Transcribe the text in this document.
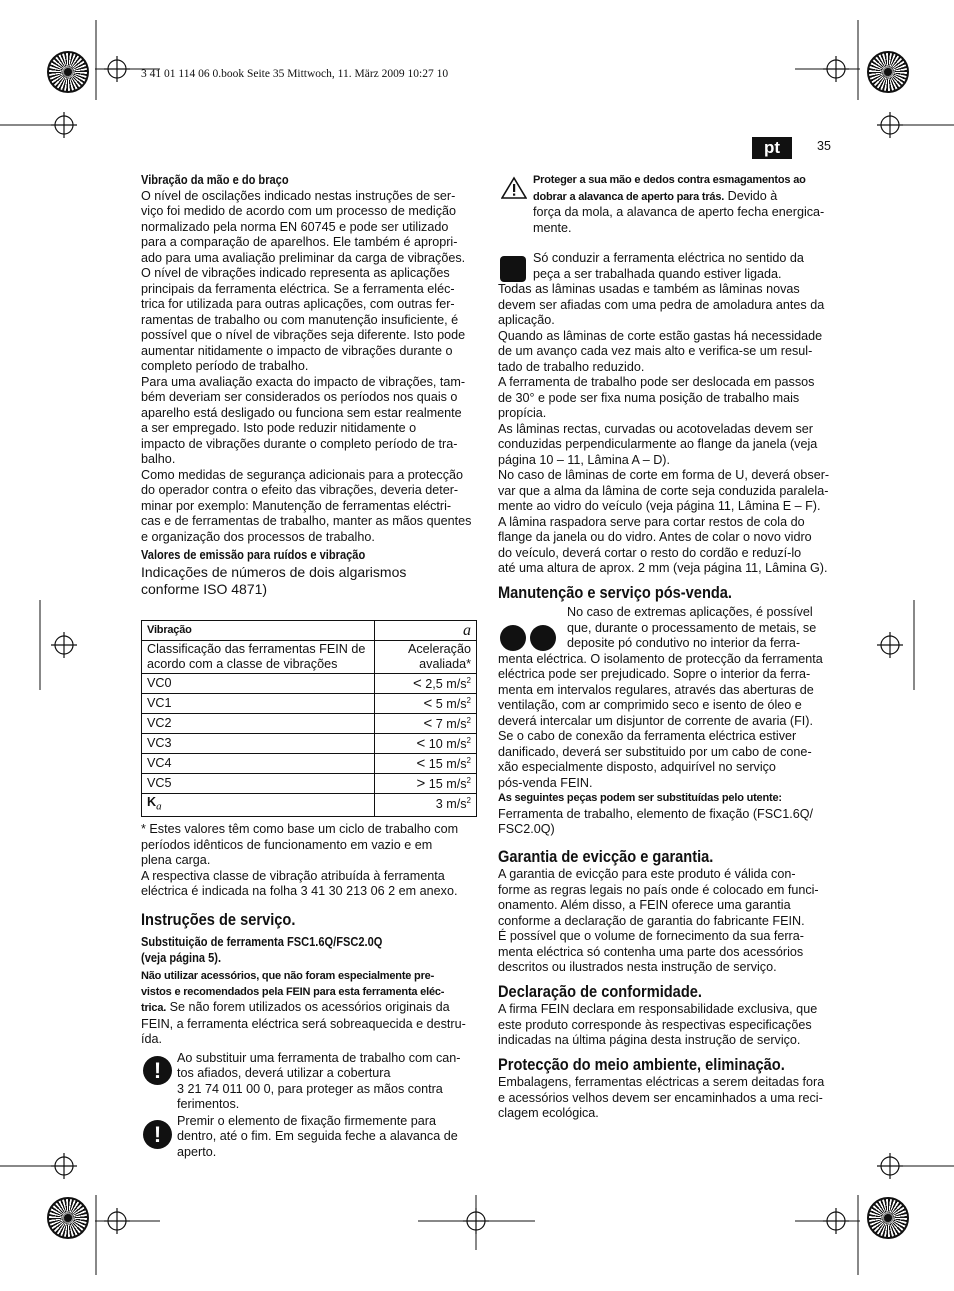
3 41 01 114 06 0.book Seite 35 Mittwoch, 11. März 2009 10:27 10
pt	35

Vibração da mão e do braço

O nível de oscilações indicado nestas instruções de ser-
viço foi medido de acordo com um processo de medição
normalizado pela norma EN 60745 e pode ser utilizado
para a comparação de aparelhos. Ele também é apropri-
ado para uma avaliação preliminar da carga de vibrações.
O nível de vibrações indicado representa as aplicações
principais da ferramenta eléctrica. Se a ferramenta eléc-
trica for utilizada para outras aplicações, com outras fer-
ramentas de trabalho ou com manutenção insuficiente, é
possível que o nível de vibrações seja diferente. Isto pode
aumentar nitidamente o impacto de vibrações durante o
completo período de trabalho.
Para uma avaliação exacta do impacto de vibrações, tam-
bém deveriam ser considerados os períodos nos quais o
aparelho está desligado ou funciona sem estar realmente
a ser empregado. Isto pode reduzir nitidamente o
impacto de vibrações durante o completo período de tra-
balho.
Como medidas de segurança adicionais para a protecção
do operador contra o efeito das vibrações, deveria deter-
minar por exemplo: Manutenção de ferramentas eléctri-
cas e de ferramentas de trabalho, manter as mãos quentes
e organização dos processos de trabalho.

Valores de emissão para ruídos e vibração

Indicações de números de dois algarismos
conforme ISO 4871)
Vibração	a
Classificação das ferramentas FEIN de
acordo com a classe de vibrações	Aceleração
avaliada*
VC0	< 2,5 $m/s^2$
VC1	< 5 $m/s^2$
VC2	< 7 $m/s^2$
VC3	< 10 $m/s^2$
VC4	< 15 $m/s^2$
VC5	> 15 $m/s^2$
$K_a$	3 $m/s^2$
* Estes valores têm como base um ciclo de trabalho com
períodos idênticos de funcionamento em vazio e em
plena carga.
A respectiva classe de vibração atribuída à ferramenta
eléctrica é indicada na folha 3 41 30 213 06 2 em anexo.

Instruções de serviço.

Substituição de ferramenta FSC1.6Q/FSC2.0Q
(veja página 5).

Não utilizar acessórios, que não foram especialmente pre-
vistos e recomendados pela FEIN para esta ferramenta eléc-
trica. Se não forem utilizados os acessórios originais da
FEIN, a ferramenta eléctrica será sobreaquecida e destru-
ída.
Ao substituir uma ferramenta de trabalho com can-
tos afiados, deverá utilizar a cobertura
3 21 74 011 00 0, para proteger as mãos contra
ferimentos.
Premir o elemento de fixação firmemente para
dentro, até o fim. Em seguida feche a alavanca de
aperto.
!
!
Proteger a sua mão e dedos contra esmagamentos ao
dobrar a alavanca de aperto para trás. Devido à
força da mola, a alavanca de aperto fecha energica-
mente.
Só conduzir a ferramenta eléctrica no sentido da
peça a ser trabalhada quando estiver ligada.
Todas as lâminas usadas e também as lâminas novas
devem ser afiadas com uma pedra de amoladura antes da
aplicação.
Quando as lâminas de corte estão gastas há necessidade
de um avanço cada vez mais alto e verifica-se um resul-
tado de trabalho reduzido.
A ferramenta de trabalho pode ser deslocada em passos
de 30° e pode ser fixa numa posição de trabalho mais
propícia.
As lâminas rectas, curvadas ou acotoveladas devem ser
conduzidas perpendicularmente ao flange da janela (veja
página 10 – 11, Lâmina A – D).
No caso de lâminas de corte em forma de U, deverá obser-
var que a alma da lâmina de corte seja conduzida paralela-
mente ao vidro do veículo (veja página 11, Lâmina E – F).
A lâmina raspadora serve para cortar restos de cola do
flange da janela ou do vidro. Antes de colar o novo vidro
do veículo, deverá cortar o resto do cordão e reduzí-lo
até uma altura de aprox. 2 mm (veja página 11, Lâmina G).

Manutenção e serviço pós-venda.

No caso de extremas aplicações, é possível
que, durante o processamento de metais, se
deposite pó condutivo no interior da ferra-
menta eléctrica. O isolamento de protecção da ferramenta
eléctrica pode ser prejudicado. Sopre o interior da ferra-
menta em intervalos regulares, através das aberturas de
ventilação, com ar comprimido seco e isento de óleo e
deverá intercalar um disjuntor de corrente de avaria (FI).
Se o cabo de conexão da ferramenta eléctrica estiver
danificado, deverá ser substituido por um cabo de cone-
xão especialmente disposto, adquirível no serviço
pós-venda FEIN.
As seguintes peças podem ser substituídas pelo utente:
Ferramenta de trabalho, elemento de fixação (FSC1.6Q/
FSC2.0Q)

Garantia de evicção e garantia.

A garantia de evicção para este produto é válida con-
forme as regras legais no país onde é colocado em funci-
onamento. Além disso, a FEIN oferece uma garantia
conforme a declaração de garantia do fabricante FEIN.
É possível que o volume de fornecimento da sua ferra-
menta eléctrica só contenha uma parte dos acessórios
descritos ou ilustrados nesta instrução de serviço.

Declaração de conformidade.

A firma FEIN declara em responsabilidade exclusiva, que
este produto corresponde às respectivas especificações
indicadas na última página desta instrução de serviço.

Protecção do meio ambiente, eliminação.

Embalagens, ferramentas eléctricas a serem deitadas fora
e acessórios velhos devem ser encaminhados a uma reci-
clagem ecológica.
